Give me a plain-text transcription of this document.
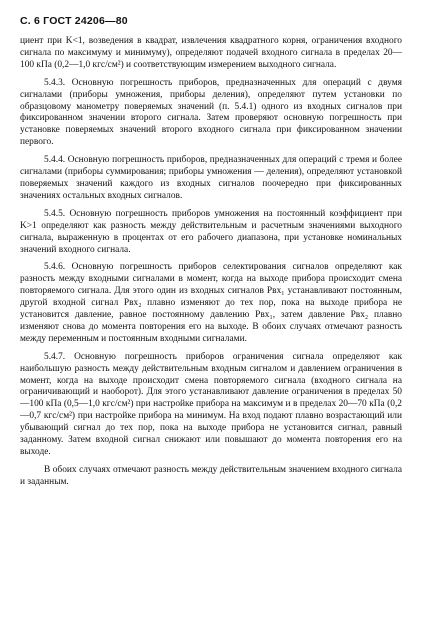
С. 6 ГОСТ 24206—80

циент при K<1, возведения в квадрат, извлечения квадратного корня, ограничения входного сигнала по максимуму и минимуму), определяют подачей входного сигнала в пределах 20—100 кПа (0,2—1,0 кгс/см²) и соответствующим измерением выходного сигнала.

5.4.3. Основную погрешность приборов, предназначенных для операций с двумя сигналами (приборы умножения, приборы деления), определяют путем установки по образцовому манометру поверяемых значений (п. 5.4.1) одного из входных сигналов при фиксированном значении второго сигнала. Затем проверяют основную погрешность при установке поверяемых значений второго входного сигнала при фиксированном значении первого.

5.4.4. Основную погрешность приборов, предназначенных для операций с тремя и более сигналами (приборы суммирования; приборы умножения — деления), определяют установкой поверяемых значений каждого из входных сигналов поочередно при фиксированных значениях остальных входных сигналов.

5.4.5. Основную погрешность приборов умножения на постоянный коэффициент при K>1 определяют как разность между действительным и расчетным значениями выходного сигнала, выраженную в процентах от его рабочего диапазона, при установке номинальных значений входного сигнала.

5.4.6. Основную погрешность приборов селектирования сигналов определяют как разность между входными сигналами в момент, когда на выходе прибора происходит смена повторяемого сигнала. Для этого один из входных сигналов Pвх₁ устанавливают постоянным, другой входной сигнал Pвх₂ плавно изменяют до тех пор, пока на выходе прибора не установится давление, равное постоянному давлению Pвх₁, затем давление Pвх₂ плавно изменяют снова до момента повторения его на выходе. В обоих случаях отмечают разность между переменным и постоянным входными сигналами.

5.4.7. Основную погрешность приборов ограничения сигнала определяют как наибольшую разность между действительным входным сигналом и давлением ограничения в момент, когда на выходе происходит смена повторяемого сигнала (входного сигнала на ограничивающий и наоборот). Для этого устанавливают давление ограничения в пределах 50—100 кПа (0,5—1,0 кгс/см²) при настройке прибора на максимум и в пределах 20—70 кПа (0,2—0,7 кгс/см²) при настройке прибора на минимум. На вход подают плавно возрастающий или убывающий сигнал до тех пор, пока на выходе прибора не установится сигнал, равный заданному. Затем входной сигнал снижают или повышают до момента повторения его на выходе.

В обоих случаях отмечают разность между действительным значением входного сигнала и заданным.
